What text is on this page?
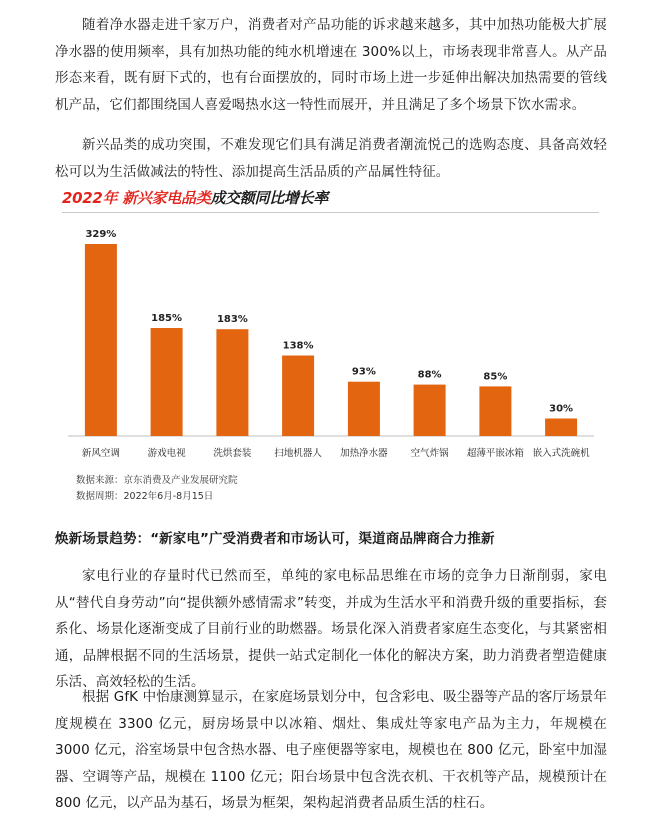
随着净水器走进千家万户，消费者对产品功能的诉求越来越多，其中加热功能极大扩展净水器的使用频率，具有加热功能的纯水机增速在 300%以上，市场表现非常喜人。从产品形态来看，既有厨下式的，也有台面摆放的，同时市场上进一步延伸出解决加热需要的管线机产品，它们都围绕国人喜爱喝热水这一特性而展开，并且满足了多个场景下饮水需求。

新兴品类的成功突围，不难发现它们具有满足消费者潮流悦己的选购态度、具备高效轻松可以为生活做减法的特性、添加提高生活品质的产品属性特征。

2022年 新兴家电品类成交额同比增长率
329%
新风空调
185%
游戏电视
183%
洗烘套装
138%
扫地机器人
93%
加热净水器
88%
空气炸锅
85%
超薄平嵌冰箱
30%
嵌入式洗碗机
数据来源：京东消费及产业发展研究院
数据周期：2022年6月-8月15日
焕新场景趋势：“新家电”广受消费者和市场认可，渠道商品牌商合力推新

家电行业的存量时代已然而至，单纯的家电标品思维在市场的竞争力日渐削弱，家电从“替代自身劳动”向“提供额外感情需求”转变，并成为生活水平和消费升级的重要指标，套系化、场景化逐渐变成了目前行业的助燃器。场景化深入消费者家庭生态变化，与其紧密相通，品牌根据不同的生活场景，提供一站式定制化一体化的解决方案，助力消费者塑造健康乐活、高效轻松的生活。

根据 GfK 中怡康测算显示，在家庭场景划分中，包含彩电、吸尘器等产品的客厅场景年度规模在 3300 亿元，厨房场景中以冰箱、烟灶、集成灶等家电产品为主力，年规模在 3000 亿元，浴室场景中包含热水器、电子座便器等家电，规模也在 800 亿元，卧室中加湿器、空调等产品，规模在 1100 亿元；阳台场景中包含洗衣机、干衣机等产品，规模预计在 800 亿元，以产品为基石，场景为框架，架构起消费者品质生活的柱石。
